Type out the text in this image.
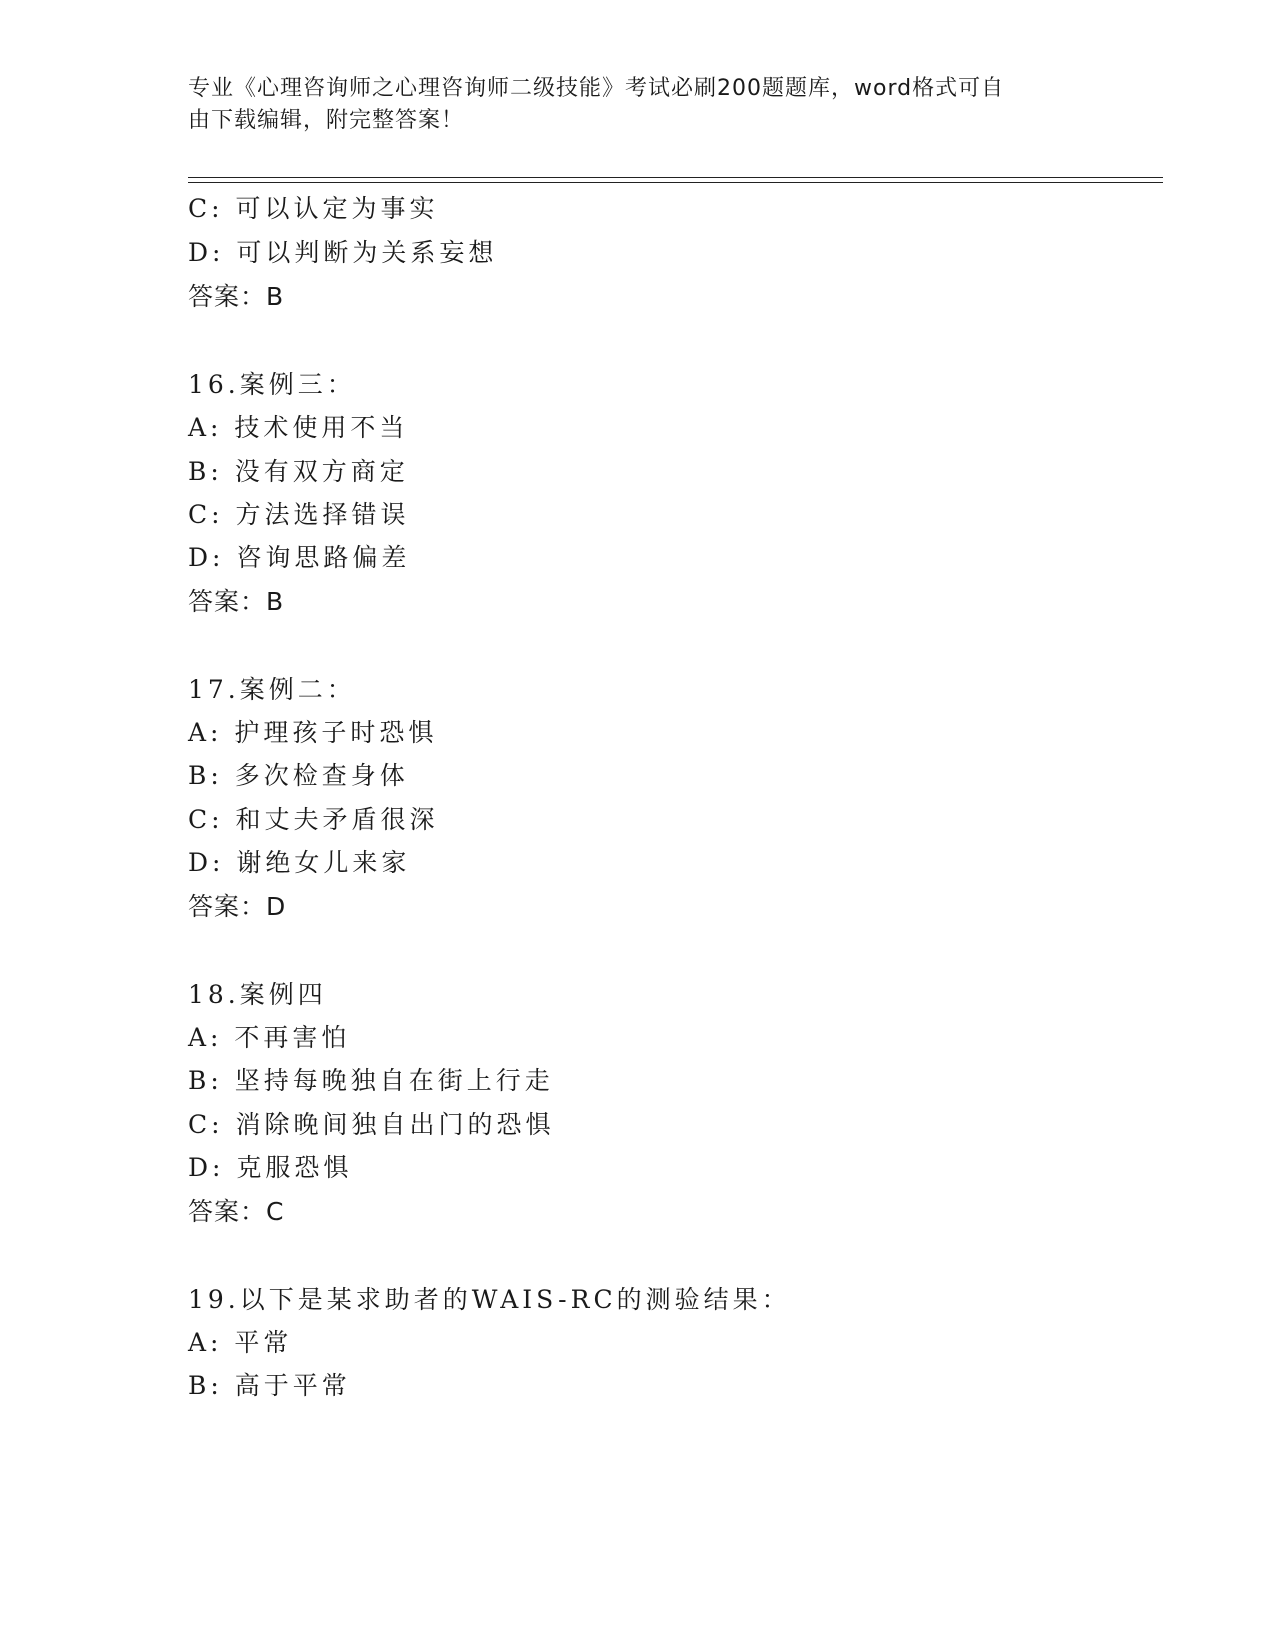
专业《心理咨询师之心理咨询师二级技能》考试必刷200题题库，word格式可自
由下载编辑，附完整答案！
C: 可以认定为事实
D: 可以判断为关系妄想
答案：B
16.案例三：
A: 技术使用不当
B: 没有双方商定
C: 方法选择错误
D: 咨询思路偏差
答案：B
17.案例二：
A: 护理孩子时恐惧
B: 多次检查身体
C: 和丈夫矛盾很深
D: 谢绝女儿来家
答案：D
18.案例四
A: 不再害怕
B: 坚持每晚独自在街上行走
C: 消除晚间独自出门的恐惧
D: 克服恐惧
答案：C
19.以下是某求助者的WAIS-RC的测验结果：
A: 平常
B: 高于平常
